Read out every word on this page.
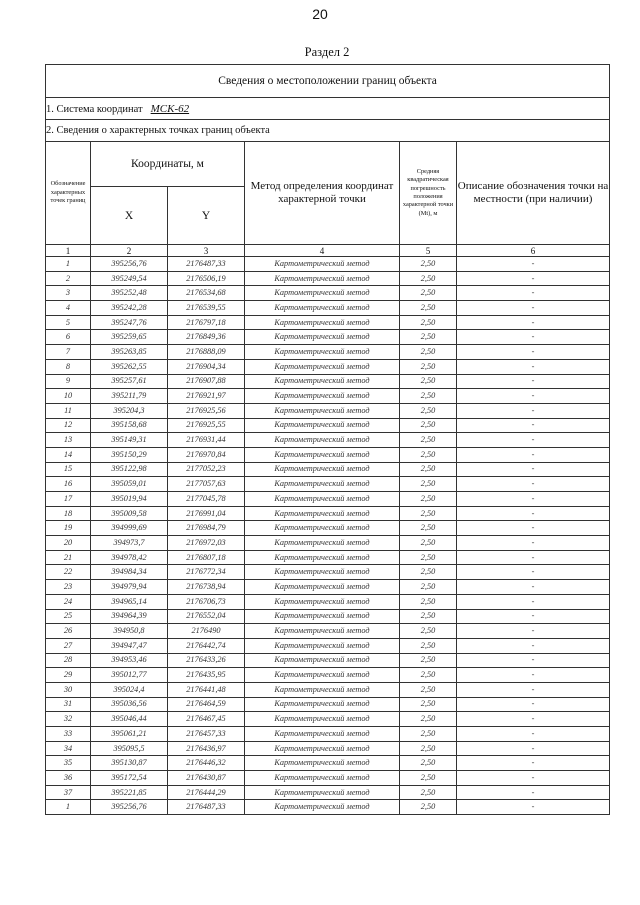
20
Раздел 2
Сведения о местоположении границ объекта					
1. Система координат МСК-62					
2. Сведения о характерных точках границ объекта					
Обозначение характерных точек границ	Координаты, м		Метод определения координат характерной точки	Средняя квадратическая погрешность положения характерной точки (Mt), м	Описание обозначения точки на местности (при наличии)
	X	Y			
1	2	3	4	5	6
1	395256,76	2176487,33	Картометрический метод	2,50	-
2	395249,54	2176506,19	Картометрический метод	2,50	-
3	395252,48	2176534,68	Картометрический метод	2,50	-
4	395242,28	2176539,55	Картометрический метод	2,50	-
5	395247,76	2176797,18	Картометрический метод	2,50	-
6	395259,65	2176849,36	Картометрический метод	2,50	-
7	395263,85	2176888,09	Картометрический метод	2,50	-
8	395262,55	2176904,34	Картометрический метод	2,50	-
9	395257,61	2176907,88	Картометрический метод	2,50	-
10	395211,79	2176921,97	Картометрический метод	2,50	-
11	395204,3	2176925,56	Картометрический метод	2,50	-
12	395158,68	2176925,55	Картометрический метод	2,50	-
13	395149,31	2176931,44	Картометрический метод	2,50	-
14	395150,29	2176970,84	Картометрический метод	2,50	-
15	395122,98	2177052,23	Картометрический метод	2,50	-
16	395059,01	2177057,63	Картометрический метод	2,50	-
17	395019,94	2177045,78	Картометрический метод	2,50	-
18	395009,58	2176991,04	Картометрический метод	2,50	-
19	394999,69	2176984,79	Картометрический метод	2,50	-
20	394973,7	2176972,03	Картометрический метод	2,50	-
21	394978,42	2176807,18	Картометрический метод	2,50	-
22	394984,34	2176772,34	Картометрический метод	2,50	-
23	394979,94	2176738,94	Картометрический метод	2,50	-
24	394965,14	2176706,73	Картометрический метод	2,50	-
25	394964,39	2176552,04	Картометрический метод	2,50	-
26	394950,8	2176490	Картометрический метод	2,50	-
27	394947,47	2176442,74	Картометрический метод	2,50	-
28	394953,46	2176433,26	Картометрический метод	2,50	-
29	395012,77	2176435,95	Картометрический метод	2,50	-
30	395024,4	2176441,48	Картометрический метод	2,50	-
31	395036,56	2176464,59	Картометрический метод	2,50	-
32	395046,44	2176467,45	Картометрический метод	2,50	-
33	395061,21	2176457,33	Картометрический метод	2,50	-
34	395095,5	2176436,97	Картометрический метод	2,50	-
35	395130,87	2176446,32	Картометрический метод	2,50	-
36	395172,54	2176430,87	Картометрический метод	2,50	-
37	395221,85	2176444,29	Картометрический метод	2,50	-
1	395256,76	2176487,33	Картометрический метод	2,50	-
